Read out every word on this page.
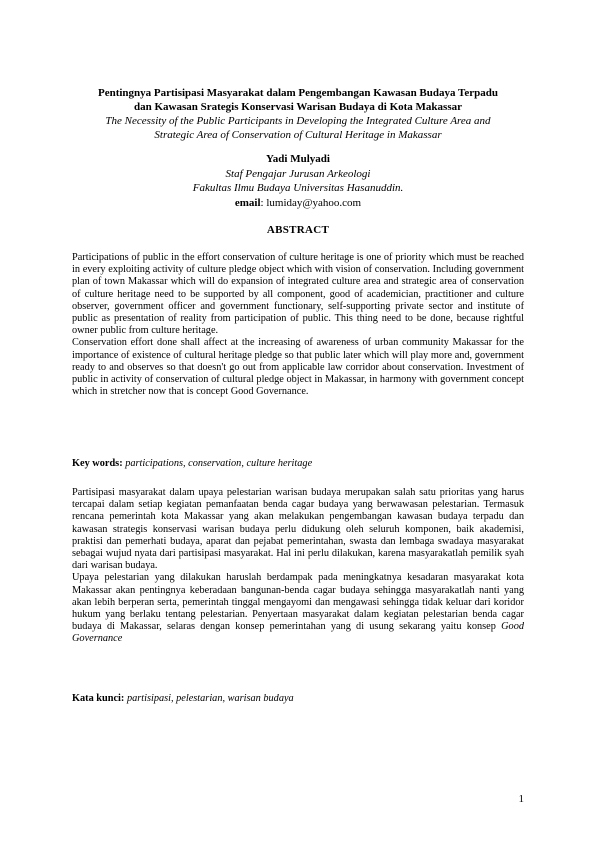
Pentingnya Partisipasi Masyarakat dalam Pengembangan Kawasan Budaya Terpadu
dan Kawasan Srategis Konservasi Warisan Budaya di Kota Makassar
The Necessity of the Public Participants in Developing the Integrated Culture Area and
Strategic Area of Conservation of Cultural Heritage in Makassar
Yadi Mulyadi
Staf Pengajar Jurusan Arkeologi
Fakultas Ilmu Budaya Universitas Hasanuddin.
email: lumiday@yahoo.com
ABSTRACT

Participations of public in the effort conservation of culture heritage is one of priority which must be reached in every exploiting activity of culture pledge object which with vision of conservation. Including government plan of town Makassar which will do expansion of integrated culture area and strategic area of conservation of culture heritage need to be supported by all component, good of academician, practitioner and culture observer, government officer and government functionary, self-supporting private sector and institute of public as presentation of reality from participation of public. This thing need to be done, because rightful owner public from culture heritage.

Conservation effort done shall affect at the increasing of awareness of urban community Makassar for the importance of existence of cultural heritage pledge so that public later which will play more and, government ready to and observes so that doesn't go out from applicable law corridor about conservation. Investment of public in activity of conservation of cultural pledge object in Makassar, in harmony with government concept which in stretcher now that is concept Good Governance.

Key words: participations, conservation, culture heritage

Partisipasi masyarakat dalam upaya pelestarian warisan budaya merupakan salah satu prioritas yang harus tercapai dalam setiap kegiatan pemanfaatan benda cagar budaya yang berwawasan pelestarian. Termasuk rencana pemerintah kota Makassar yang akan melakukan pengembangan kawasan budaya terpadu dan kawasan strategis konservasi warisan budaya perlu didukung oleh seluruh komponen, baik akademisi, praktisi dan pemerhati budaya, aparat dan pejabat pemerintahan, swasta dan lembaga swadaya masyarakat sebagai wujud nyata dari partisipasi masyarakat. Hal ini perlu dilakukan, karena masyarakatlah pemilik syah dari warisan budaya.

Upaya pelestarian yang dilakukan haruslah berdampak pada meningkatnya kesadaran masyarakat kota Makassar akan pentingnya keberadaan bangunan-benda cagar budaya sehingga masyarakatlah nanti yang akan lebih berperan serta, pemerintah tinggal mengayomi dan mengawasi sehingga tidak keluar dari koridor hukum yang berlaku tentang pelestarian. Penyertaan masyarakat dalam kegiatan pelestarian benda cagar budaya di Makassar, selaras dengan konsep pemerintahan yang di usung sekarang yaitu konsep Good Governance

Kata kunci: partisipasi, pelestarian, warisan budaya
1
